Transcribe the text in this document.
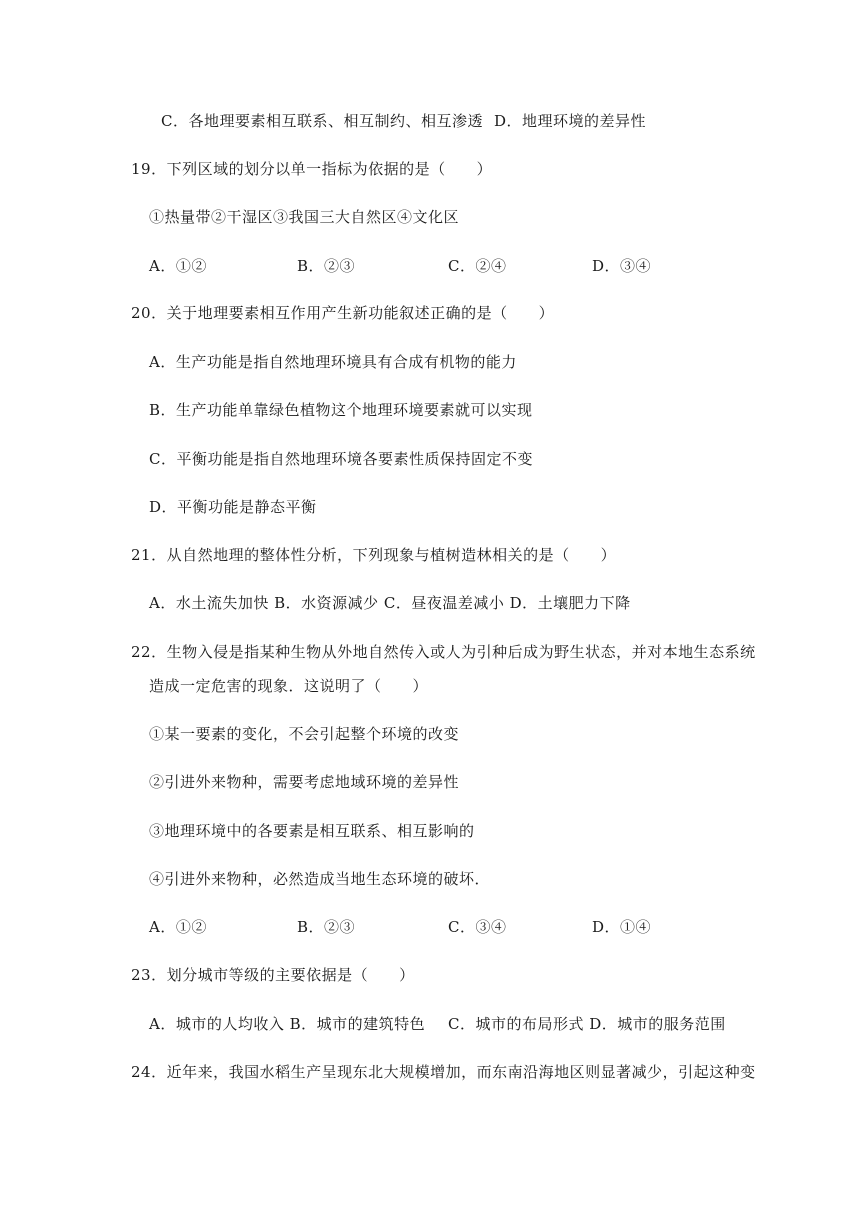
C．各地理要素相互联系、相互制约、相互渗透 D．地理环境的差异性
19．下列区域的划分以单一指标为依据的是（　　）
①热量带②干湿区③我国三大自然区④文化区
A．①②	B．②③	C．②④	D．③④
20．关于地理要素相互作用产生新功能叙述正确的是（　　）
A．生产功能是指自然地理环境具有合成有机物的能力
B．生产功能单靠绿色植物这个地理环境要素就可以实现
C．平衡功能是指自然地理环境各要素性质保持固定不变
D．平衡功能是静态平衡
21．从自然地理的整体性分析，下列现象与植树造林相关的是（　　）
A．水土流失加快 B．水资源减少 C．昼夜温差减小 D．土壤肥力下降
22．生物入侵是指某种生物从外地自然传入或人为引种后成为野生状态，并对本地生态系统
造成一定危害的现象．这说明了（　　）
①某一要素的变化，不会引起整个环境的改变
②引进外来物种，需要考虑地域环境的差异性
③地理环境中的各要素是相互联系、相互影响的
④引进外来物种，必然造成当地生态环境的破坏．
A．①②	B．②③	C．③④	D．①④
23．划分城市等级的主要依据是（　　）
A．城市的人均收入 B．城市的建筑特色 C．城市的布局形式 D．城市的服务范围
24．近年来，我国水稻生产呈现东北大规模增加，而东南沿海地区则显著减少，引起这种变
